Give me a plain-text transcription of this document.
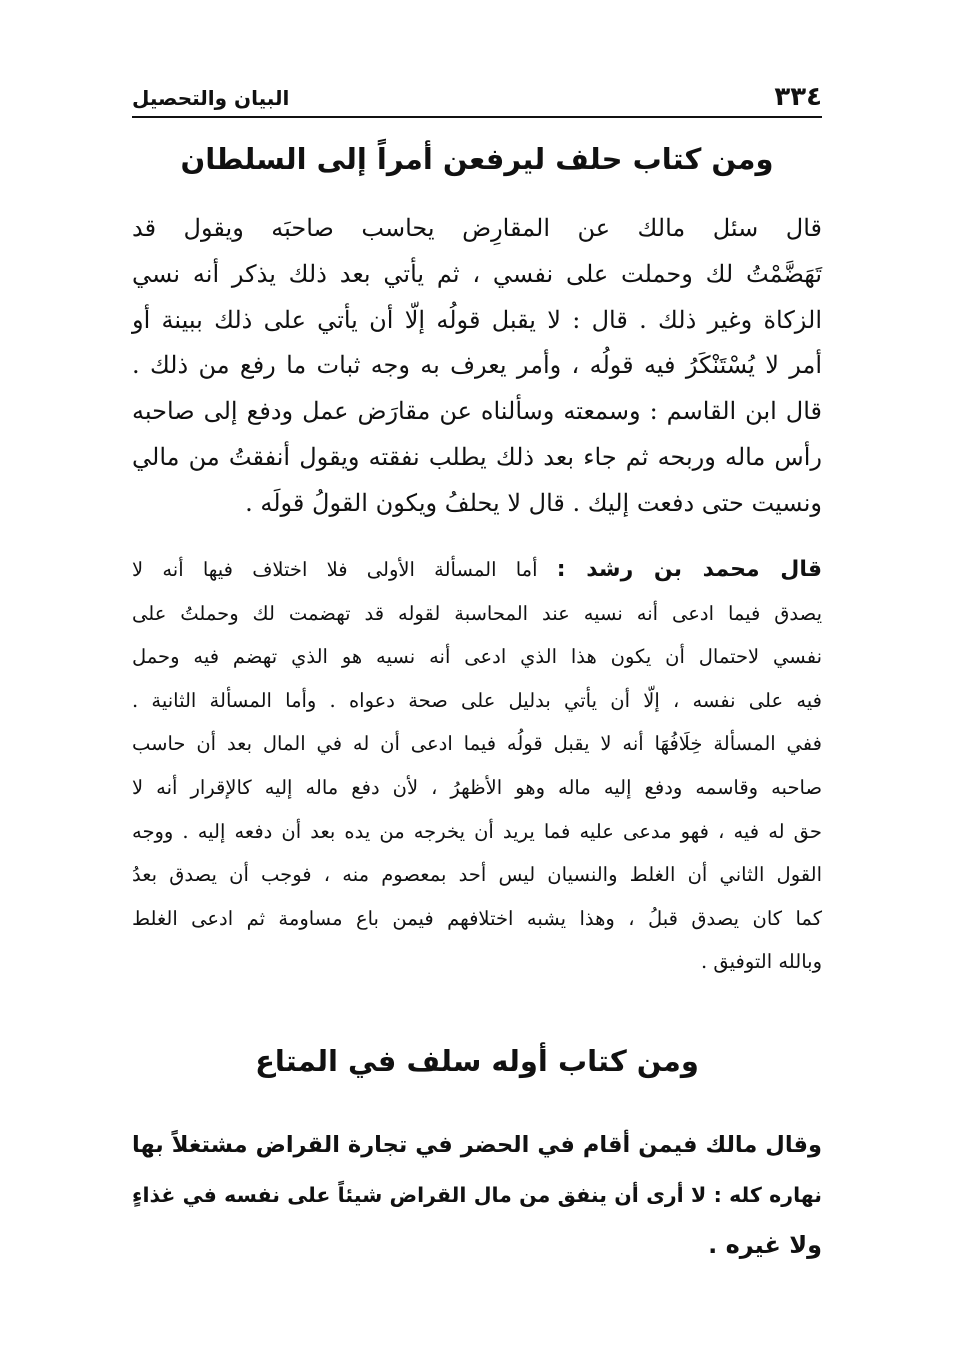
٣٣٤
البيان والتحصيل
ومن كتاب حلف ليرفعن أمراً إلى السلطان
قال سئل مالك عن المقارِض يحاسب صاحبَه ويقول قد
تَهَضَّمْتُ لك وحملت على نفسي ، ثم يأتي بعد ذلك يذكر أنه نسي
الزكاة وغير ذلك . قال : لا يقبل قولُه إلّا أن يأتي على ذلك ببينة أو
أمر لا يُسْتَنْكَرُ فيه قولُه ، وأمر يعرف به وجه ثبات ما رفع من ذلك .
قال ابن القاسم : وسمعته وسألناه عن مقارَض عمل ودفع إلى صاحبه
رأس ماله وربحه ثم جاء بعد ذلك يطلب نفقته ويقول أنفقتُ من مالي
ونسيت حتى دفعت إليك . قال لا يحلفُ ويكون القولُ قولَه .
قال محمد بن رشد : أما المسألة الأولى فلا اختلاف فيها أنه لا
يصدق فيما ادعى أنه نسيه عند المحاسبة لقوله قد تهضمت لك وحملتُ على
نفسي لاحتمال أن يكون هذا الذي ادعى أنه نسيه هو الذي تهضم فيه وحمل
فيه على نفسه ، إلّا أن يأتي بدليل على صحة دعواه . وأما المسألة الثانية .
ففي المسألة خِلَافُهَا أنه لا يقبل قولُه فيما ادعى أن له في المال بعد أن حاسب
صاحبه وقاسمه ودفع إليه ماله وهو الأظهرُ ، لأن دفع ماله إليه كالإقرار أنه لا
حق له فيه ، فهو مدعى عليه فما يريد أن يخرجه من يده بعد أن دفعه إليه . ووجه
القول الثاني أن الغلط والنسيان ليس أحد بمعصوم منه ، فوجب أن يصدق بعدُ
كما كان يصدق قبلُ ، وهذا يشبه اختلافهم فيمن باع مساومة ثم ادعى الغلط
وبالله التوفيق .
ومن كتاب أوله سلف في المتاع
وقال مالك فيمن أقام في الحضر في تجارة القراض مشتغلاً بها
نهاره كله : لا أرى أن ينفق من مال القراض شيئاً على نفسه في غذاءٍ
ولا غيره .
